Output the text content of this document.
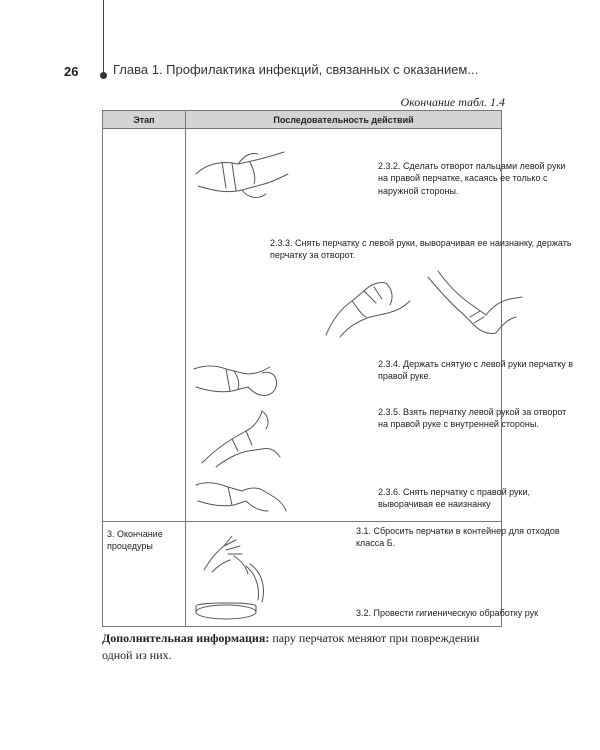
26	Глава 1. Профилактика инфекций, связанных с оказанием...
Окончание табл. 1.4
Этап	Последовательность действий

	2.3.2. Сделать отворот пальцами левой руки на правой перчатке, касаясь ее только с наружной стороны.
2.3.3. Снять перчатку с левой руки, выворачивая ее наизнанку, держать перчатку за отворот.
2.3.4. Держать снятую с левой руки перчатку в правой руке.
2.3.5. Взять перчатку левой рукой за отворот на правой руке с внутренней стороны.
2.3.6. Снять перчатку с правой руки, выворачивая ее наизнанку

3. Окончание процедуры	3.1. Сбросить перчатки в контейнер для отходов класса Б.
3.2. Провести гигиеническую обработку рук
Дополнительная информация: пару перчаток меняют при повреждении одной из них.
